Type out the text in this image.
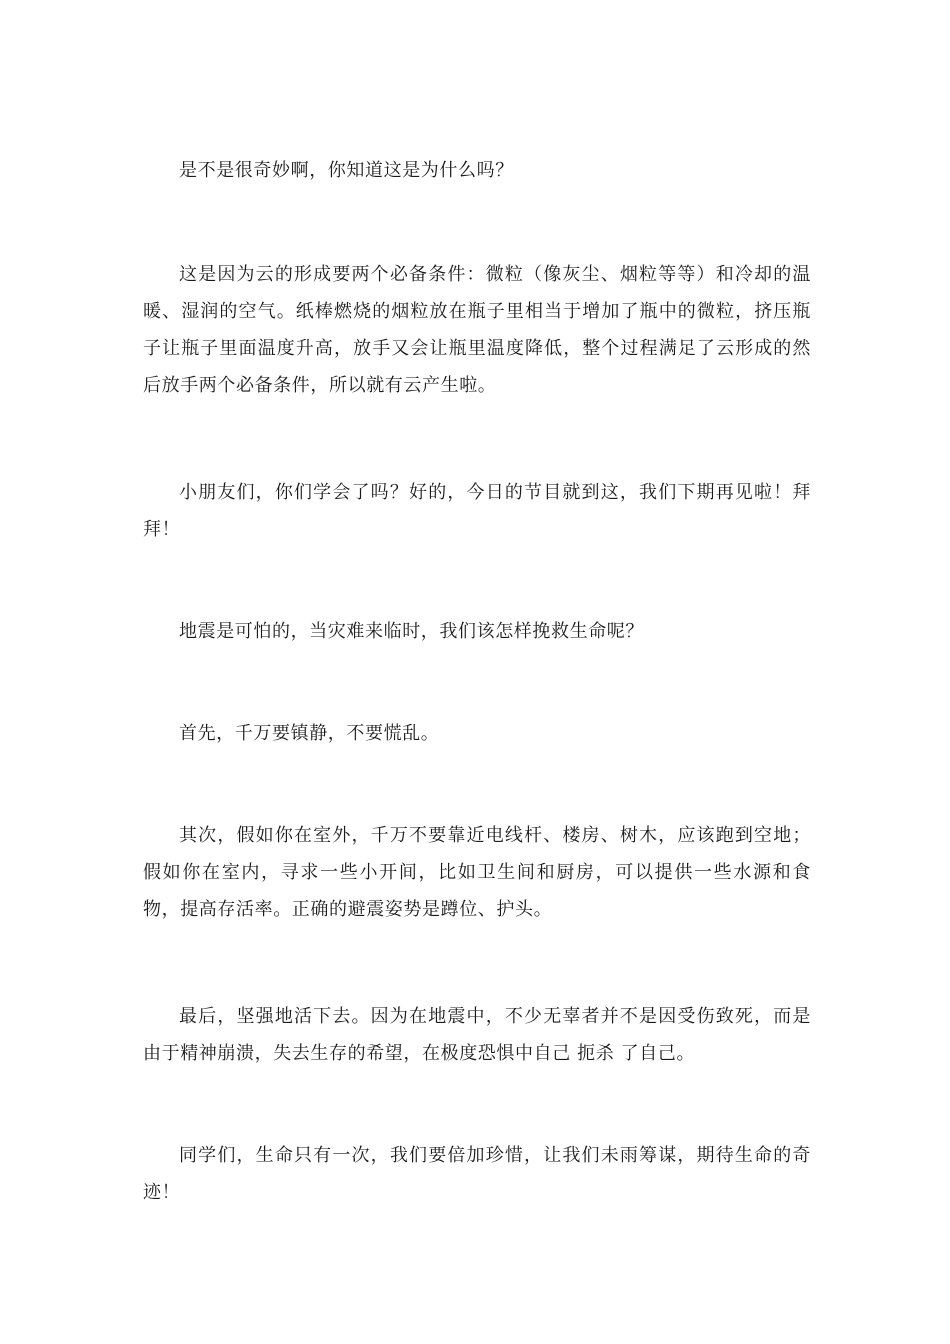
是不是很奇妙啊，你知道这是为什么吗？

这是因为云的形成要两个必备条件：微粒（像灰尘、烟粒等等）和冷却的温暖、湿润的空气。纸棒燃烧的烟粒放在瓶子里相当于增加了瓶中的微粒，挤压瓶子让瓶子里面温度升高，放手又会让瓶里温度降低，整个过程满足了云形成的然后放手两个必备条件，所以就有云产生啦。

小朋友们，你们学会了吗？好的，今日的节目就到这，我们下期再见啦！拜拜！

地震是可怕的，当灾难来临时，我们该怎样挽救生命呢？

首先，千万要镇静，不要慌乱。

其次，假如你在室外，千万不要靠近电线杆、楼房、树木，应该跑到空地；假如你在室内，寻求一些小开间，比如卫生间和厨房，可以提供一些水源和食物，提高存活率。正确的避震姿势是蹲位、护头。

最后，坚强地活下去。因为在地震中，不少无辜者并不是因受伤致死，而是由于精神崩溃，失去生存的希望，在极度恐惧中自己 扼杀 了自己。

同学们，生命只有一次，我们要倍加珍惜，让我们未雨筹谋，期待生命的奇迹！
